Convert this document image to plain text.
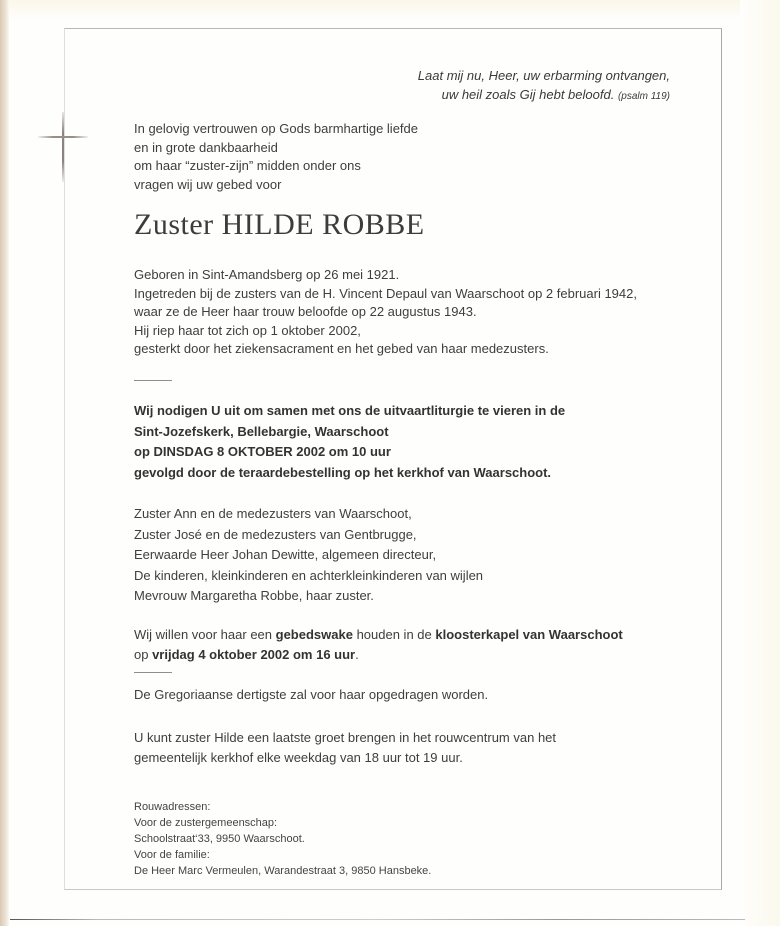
Laat mij nu, Heer, uw erbarming ontvangen,
uw heil zoals Gij hebt beloofd. (psalm 119)
In gelovig vertrouwen op Gods barmhartige liefde
en in grote dankbaarheid
om haar “zuster-zijn” midden onder ons
vragen wij uw gebed voor
Zuster HILDE ROBBE
Geboren in Sint-Amandsberg op 26 mei 1921.
Ingetreden bij de zusters van de H. Vincent Depaul van Waarschoot op 2 februari 1942,
waar ze de Heer haar trouw beloofde op 22 augustus 1943.
Hij riep haar tot zich op 1 oktober 2002,
gesterkt door het ziekensacrament en het gebed van haar medezusters.
Wij nodigen U uit om samen met ons de uitvaartliturgie te vieren in de
Sint-Jozefskerk, Bellebargie, Waarschoot
op DINSDAG 8 OKTOBER 2002 om 10 uur
gevolgd door de teraardebestelling op het kerkhof van Waarschoot.
Zuster Ann en de medezusters van Waarschoot,
Zuster José en de medezusters van Gentbrugge,
Eerwaarde Heer Johan Dewitte, algemeen directeur,
De kinderen, kleinkinderen en achterkleinkinderen van wijlen
Mevrouw Margaretha Robbe, haar zuster.
Wij willen voor haar een gebedswake houden in de kloosterkapel van Waarschoot
op vrijdag 4 oktober 2002 om 16 uur.
De Gregoriaanse dertigste zal voor haar opgedragen worden.
U kunt zuster Hilde een laatste groet brengen in het rouwcentrum van het
gemeentelijk kerkhof elke weekdag van 18 uur tot 19 uur.
Rouwadressen:
Voor de zustergemeenschap:
Schoolstraat‘33, 9950 Waarschoot.
Voor de familie:
De Heer Marc Vermeulen, Warandestraat 3, 9850 Hansbeke.
